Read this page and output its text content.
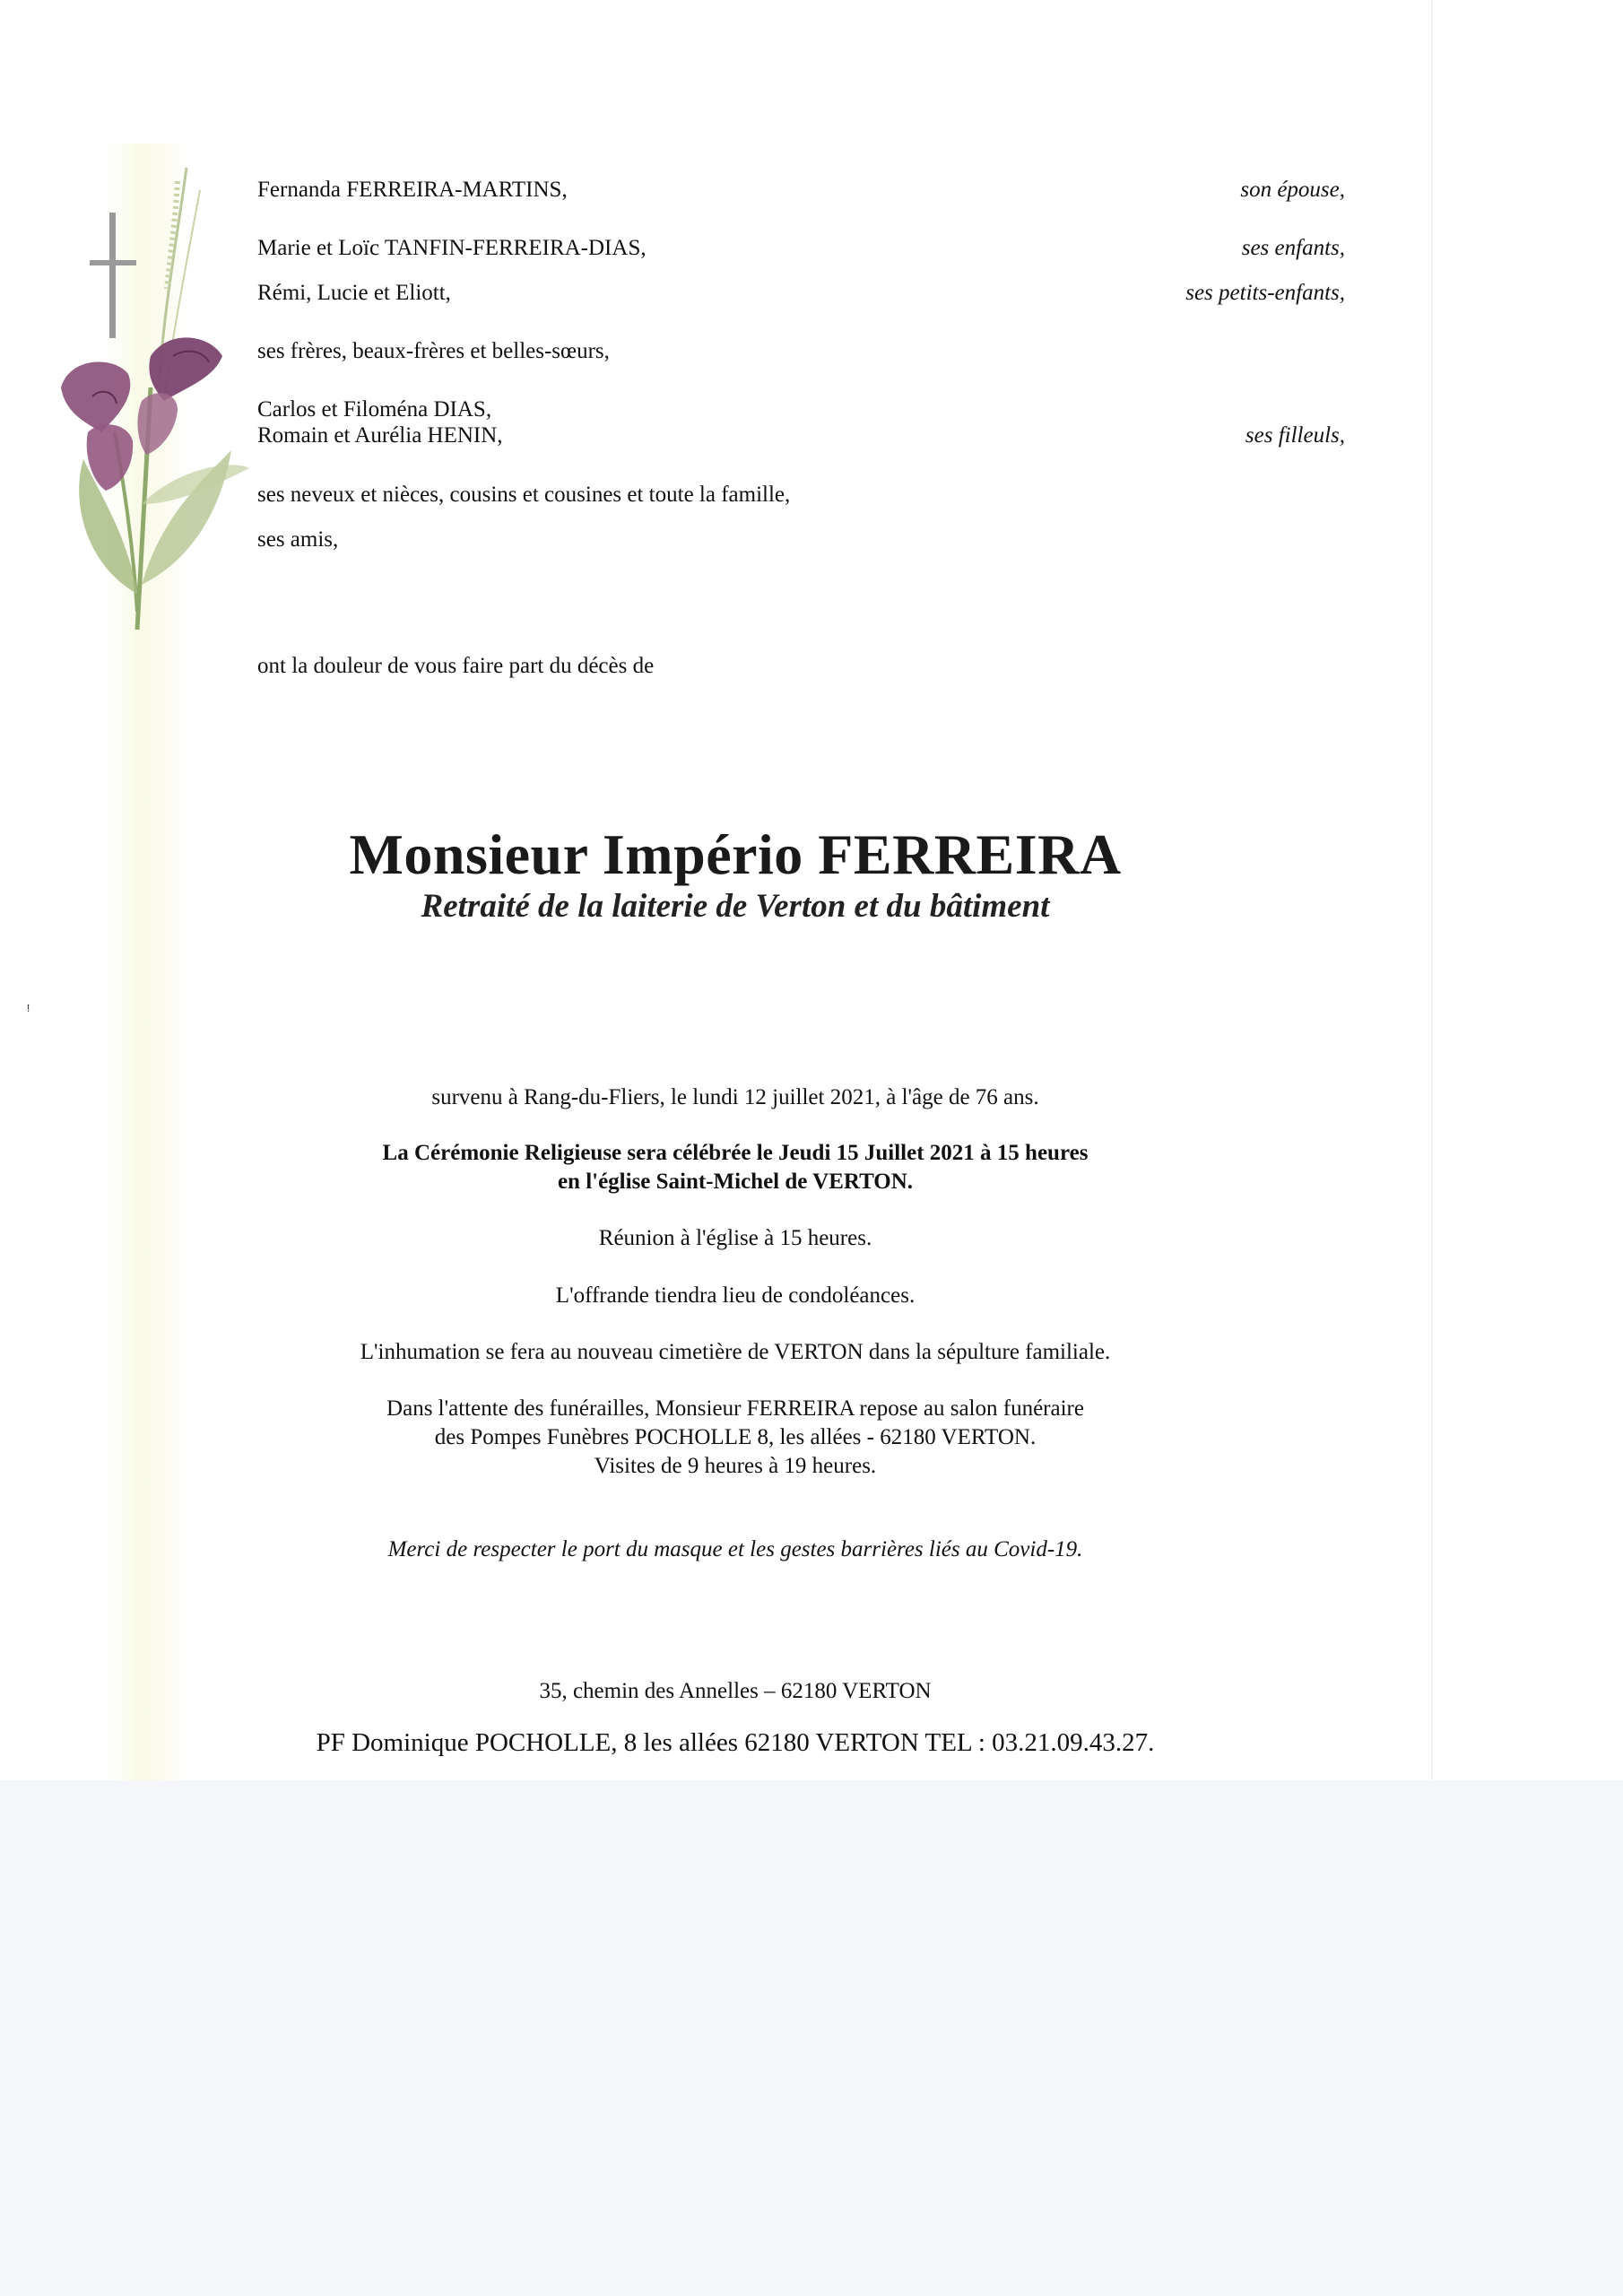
ᵎ
Fernanda FERREIRA-MARTINS,	son épouse,
Marie et Loïc TANFIN-FERREIRA-DIAS,	ses enfants,
Rémi, Lucie et Eliott,	ses petits-enfants,
ses frères, beaux-frères et belles-sœurs,
Carlos et Filoména DIAS,
Romain et Aurélia HENIN,	ses filleuls,
ses neveux et nièces, cousins et cousines et toute la famille,
ses amis,
ont la douleur de vous faire part du décès de
Monsieur Império FERREIRA
Retraité de la laiterie de Verton et du bâtiment
survenu à Rang-du-Fliers, le lundi 12 juillet 2021, à l'âge de 76 ans.
La Cérémonie Religieuse sera célébrée le Jeudi 15 Juillet 2021 à 15 heures
en l'église Saint-Michel de VERTON.
Réunion à l'église à 15 heures.
L'offrande tiendra lieu de condoléances.
L'inhumation se fera au nouveau cimetière de VERTON dans la sépulture familiale.
Dans l'attente des funérailles, Monsieur FERREIRA repose au salon funéraire
des Pompes Funèbres POCHOLLE 8, les allées - 62180 VERTON.
Visites de 9 heures à 19 heures.
Merci de respecter le port du masque et les gestes barrières liés au Covid-19.
35, chemin des Annelles – 62180 VERTON
PF Dominique POCHOLLE, 8 les allées 62180 VERTON TEL : 03.21.09.43.27.
